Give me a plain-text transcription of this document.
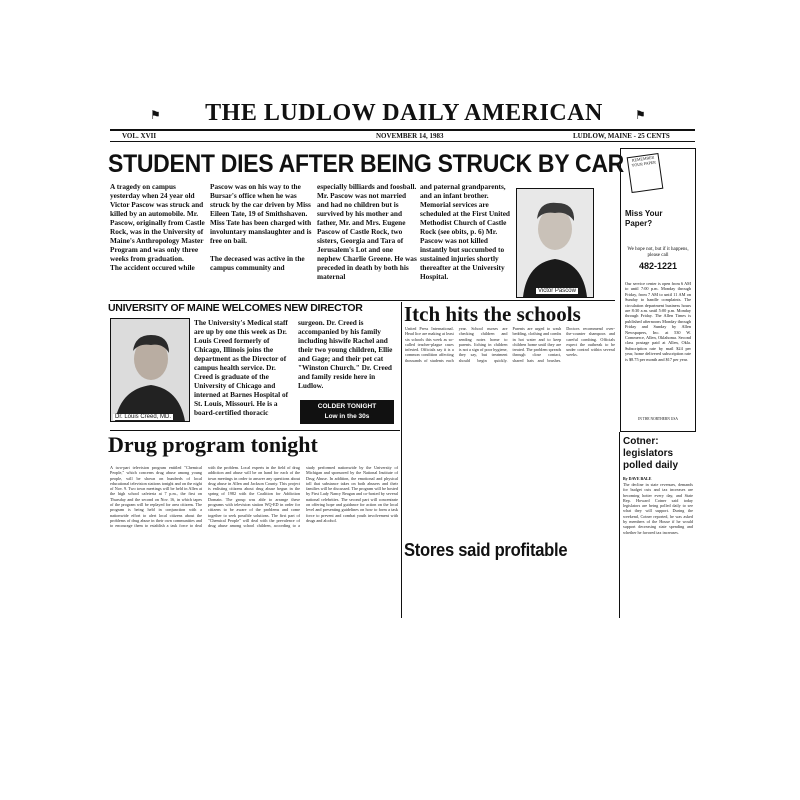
⚑	⚑
THE LUDLOW DAILY AMERICAN
VOL. XVII	NOVEMBER 14, 1983	LUDLOW, MAINE - 25 CENTS
STUDENT DIES AFTER BEING STRUCK BY CAR
A tragedy on campus yesterday when 24 year old Victor Pascow was struck and killed by an automobile. Mr. Pascow, originally from Castle Rock, was in the University of Maine's Anthropology Master Program and was only three weeks from graduation.
The accident occured while
Pascow was on his way to the Bursar's office when he was struck by the car driven by Miss Eileen Tate, 19 of Smithshaven. Miss Tate has been charged with involuntary manslaughter and is free on bail.
The deceased was active in the campus community and
especially billiards and foosball. Mr. Pascow was not married and had no children but is survived by his mother and father, Mr. and Mrs. Eugene Pascow of Castle Rock, two sisters, Georgia and Tara of Jerusalem's Lot and one nephew Charlie Greene. He was preceded in death by both his maternal
and paternal grandparents, and an infant brother. Memorial services are scheduled at the First United Methodist Church of Castle Rock (see obits, p. 6) Mr. Pascow was not killed instantly but succumbed to sustained injuries shortly thereafter at the University Hospital.
Victor Pascow
REMEMBER YOUR PAPER
Miss Your Paper?
We hope not, but if it happens, please call
482-1221
Our service center is open from 6 AM to until 7:00 p.m. Monday through Friday, from 7 AM to until 11 AM on Sunday to handle complaints. The circulation department business hours are 8:30 a.m. until 5:00 p.m. Monday through Friday. The Allen Times is published afternoons Monday through Friday and Sunday by Allen Newspapers, Inc. at 530 W. Commerce, Allen, Oklahoma. Second class postage paid at Allen, Okla. Subscription rate by mail $24 per year, home delivered subscription rate is $8.75 per month and $17 per year.
IN THE NORTHERN USA
UNIVERSITY OF MAINE WELCOMES NEW DIRECTOR
Dr. Louis Creed, MD.
The University's Medical staff are up by one this week as Dr. Louis Creed formerly of Chicago, Illinois joins the department as the Director of campus health service. Dr. Creed is graduate of the University of Chicago and interned at Barnes Hospital of St. Louis, Missouri. He is a board-certified thoracic
surgeon. Dr. Creed is accompanied by his family including hiswife Rachel and their two young children, Ellie and Gage; and their pet cat "Winston Church." Dr. Creed and family reside here in Ludlow.
COLDER TONIGHT
Low in the 30s
Itch hits the schools
United Press International. Head lice are making at least six schools this week as so-called teacher-plague cases infested. Officials say it is a common condition affecting thousands of students each year. School nurses are checking children and sending notes home to parents. Itching in children is not a sign of poor hygiene, they say, but treatment should begin quickly. Parents are urged to wash bedding, clothing and combs in hot water and to keep children home until they are treated. The problem spreads through close contact, shared hats and brushes. Doctors recommend over-the-counter shampoos and careful combing. Officials expect the outbreak to be under control within several weeks.
Drug program tonight
A two-part television program entitled "Chemical People," which concerns drug abuse among young people, will be shown on hundreds of local educational television stations tonight and on the night of Nov. 9. Two town meetings will be held in Allen at the high school cafeteria at 7 p.m., the first on Thursday and the second on Nov. 16, in which tapes of the program will be replayed for area citizens. The program is being held in conjunction with a nationwide effort to alert local citizens about the problems of drug abuse in their own communities and to encourage them to establish a task force to deal with the problem. Local experts in the field of drug addiction and abuse will be on hand for each of the town meetings in order to answer any questions about drug abuse in Allen and Jackson County. This project is enlisting citizens about drug abuse begun in the spring of 1982 with the Coalition for Addiction Domain. The group was able to arrange these programs with television station WQ-ED in order for citizens to be aware of the problems and come together to seek possible solutions. The first part of "Chemical People" will deal with the prevalence of drug abuse among school children, according to a study performed nationwide by the University of Michigan and sponsored by the National Institute of Drug Abuse. In addition, the emotional and physical toll that substance takes on both abusers and their families will be discussed. The program will be hosted by First Lady Nancy Reagan and co-hosted by several national celebrities. The second part will concentrate on offering hope and guidance for action on the local level and presenting guidelines on how to form a task force to prevent and combat youth involvement with drugs and alcohol.
Cotner: legislators polled daily
By DAVE BALE
The decline in state revenues, demands for budget cuts and tax increases are becoming hotter every day, and State Rep. Howard Cotner said today legislators are being polled daily to see what they will support. During the weekend, Cotner reported, he was asked by members of the House if he would support decreasing state spending and whether he favored tax increases.
Stores said profitable
